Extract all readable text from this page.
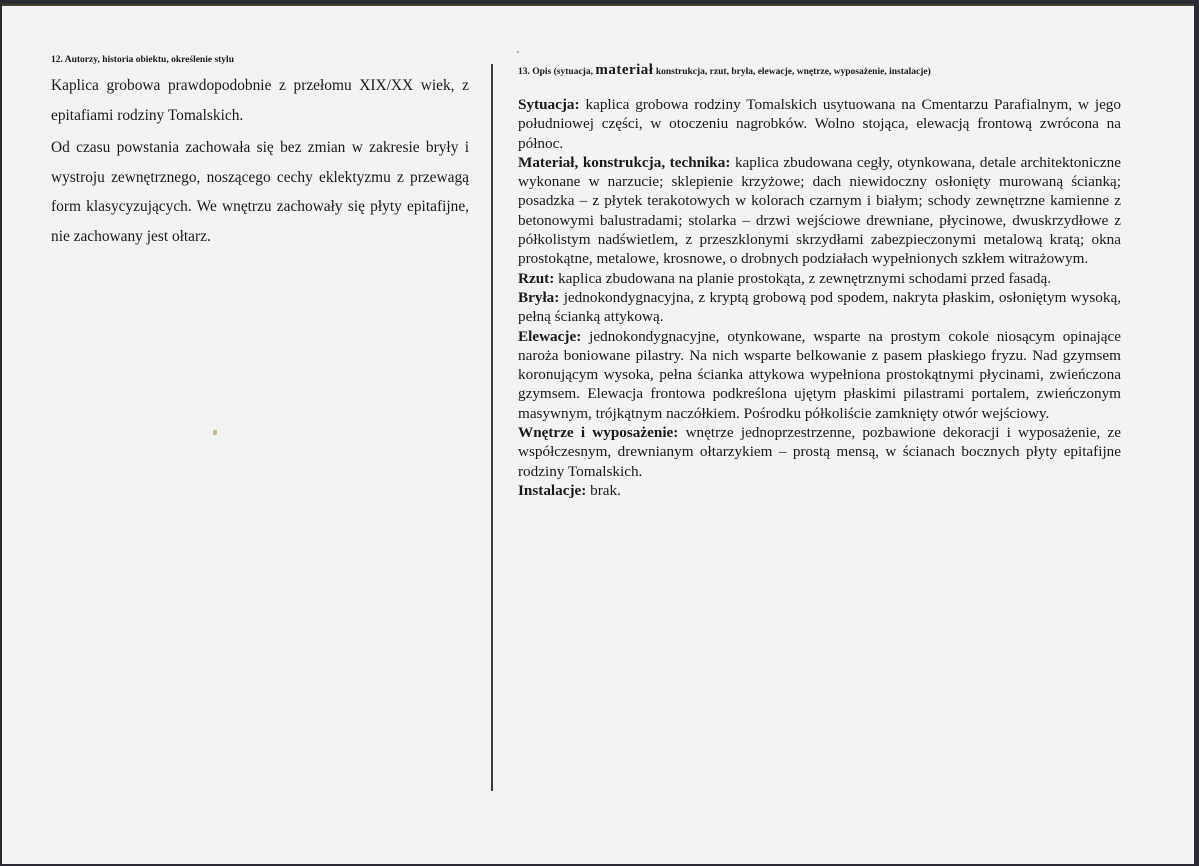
12. Autorzy, historia obiektu, określenie stylu

Kaplica grobowa prawdopodobnie z przełomu XIX/XX wiek, z epitafiami rodziny Tomalskich.

Od czasu powstania zachowała się bez zmian w zakresie bryły i wystroju zewnętrznego, noszącego cechy eklektyzmu z przewagą form klasycyzujących. We wnętrzu zachowały się płyty epitafijne, nie zachowany jest ołtarz.

13. Opis (sytuacja, materiał konstrukcja, rzut, bryła, elewacje, wnętrze, wyposażenie, instalacje)

Sytuacja: kaplica grobowa rodziny Tomalskich usytuowana na Cmentarzu Parafialnym, w jego południowej części, w otoczeniu nagrobków. Wolno stojąca, elewacją frontową zwrócona na północ.

Materiał, konstrukcja, technika: kaplica zbudowana cegły, otynkowana, detale architektoniczne wykonane w narzucie; sklepienie krzyżowe; dach niewidoczny osłonięty murowaną ścianką; posadzka – z płytek terakotowych w kolorach czarnym i białym; schody zewnętrzne kamienne z betonowymi balustradami; stolarka – drzwi wejściowe drewniane, płycinowe, dwuskrzydłowe z półkolistym nadświetlem, z przeszklonymi skrzydłami zabezpieczonymi metalową kratą; okna prostokątne, metalowe, krosnowe, o drobnych podziałach wypełnionych szkłem witrażowym.

Rzut: kaplica zbudowana na planie prostokąta, z zewnętrznymi schodami przed fasadą.

Bryła: jednokondygnacyjna, z kryptą grobową pod spodem, nakryta płaskim, osłoniętym wysoką, pełną ścianką attykową.

Elewacje: jednokondygnacyjne, otynkowane, wsparte na prostym cokole niosącym opinające naroża boniowane pilastry. Na nich wsparte belkowanie z pasem płaskiego fryzu. Nad gzymsem koronującym wysoka, pełna ścianka attykowa wypełniona prostokątnymi płycinami, zwieńczona gzymsem. Elewacja frontowa podkreślona ujętym płaskimi pilastrami portalem, zwieńczonym masywnym, trójkątnym naczółkiem. Pośrodku półkoliście zamknięty otwór wejściowy.

Wnętrze i wyposażenie: wnętrze jednoprzestrzenne, pozbawione dekoracji i wyposażenie, ze współczesnym, drewnianym ołtarzykiem – prostą mensą, w ścianach bocznych płyty epitafijne rodziny Tomalskich.

Instalacje: brak.
